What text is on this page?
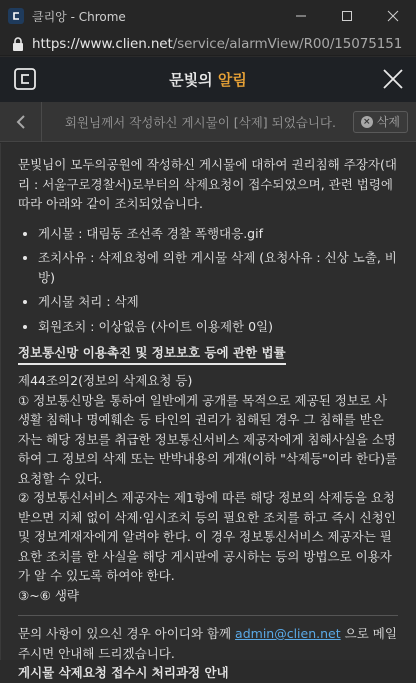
클리앙 - Chrome
https://www.clien.net/service/alarmView/R00/15075151
문빛의 알림
회원님께서 작성하신 게시물이 [삭제] 되었습니다.	× 삭제

문빛님이 모두의공원에 작성하신 게시물에 대하여 권리침해 주장자(대리 : 서울구로경찰서)로부터의 삭제요청이 접수되었으며, 관련 법령에 따라 아래와 같이 조치되었습니다.

• 게시물 : 대림동 조선족 경찰 폭행대응.gif
• 조치사유 : 삭제요청에 의한 게시물 삭제 (요청사유 : 신상 노출, 비방)
• 게시물 처리 : 삭제
• 회원조치 : 이상없음 (사이트 이용제한 0일)
정보통신망 이용촉진 및 정보보호 등에 관한 법률

제44조의2(정보의 삭제요청 등)

① 정보통신망을 통하여 일반에게 공개를 목적으로 제공된 정보로 사생활 침해나 명예훼손 등 타인의 권리가 침해된 경우 그 침해를 받은 자는 해당 정보를 취급한 정보통신서비스 제공자에게 침해사실을 소명하여 그 정보의 삭제 또는 반박내용의 게재(이하 "삭제등"이라 한다)를 요청할 수 있다.

② 정보통신서비스 제공자는 제1항에 따른 해당 정보의 삭제등을 요청받으면 지체 없이 삭제·임시조치 등의 필요한 조치를 하고 즉시 신청인 및 정보게재자에게 알려야 한다. 이 경우 정보통신서비스 제공자는 필요한 조치를 한 사실을 해당 게시판에 공시하는 등의 방법으로 이용자가 알 수 있도록 하여야 한다.

③~⑥ 생략

문의 사항이 있으신 경우 아이디와 함께 admin@clien.net 으로 메일 주시면 안내해 드리겠습니다.

게시물 삭제요청 접수시 처리과정 안내
